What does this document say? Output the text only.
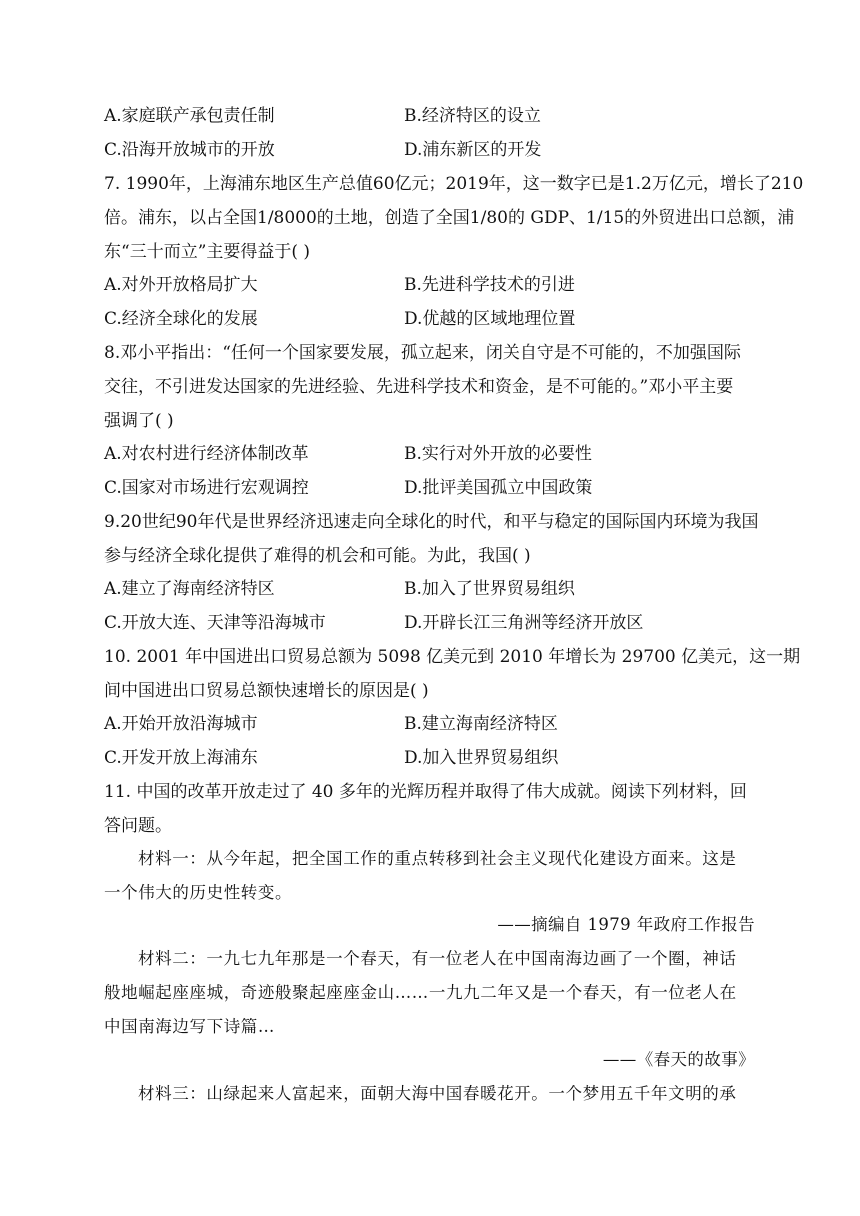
A.家庭联产承包责任制	B.经济特区的设立
C.沿海开放城市的开放	D.浦东新区的开发
7. 1990年，上海浦东地区生产总值60亿元；2019年，这一数字已是1.2万亿元，增长了210
倍。浦东，以占全国1/8000的土地，创造了全国1/80的 GDP、1/15的外贸进出口总额，浦
东“三十而立”主要得益于( )
A.对外开放格局扩大	B.先进科学技术的引进
C.经济全球化的发展	D.优越的区域地理位置
8.邓小平指出：“任何一个国家要发展，孤立起来，闭关自守是不可能的，不加强国际
交往，不引进发达国家的先进经验、先进科学技术和资金，是不可能的。”邓小平主要
强调了( )
A.对农村进行经济体制改革	B.实行对外开放的必要性
C.国家对市场进行宏观调控	D.批评美国孤立中国政策
9.20世纪90年代是世界经济迅速走向全球化的时代，和平与稳定的国际国内环境为我国
参与经济全球化提供了难得的机会和可能。为此，我国( )
A.建立了海南经济特区	B.加入了世界贸易组织
C.开放大连、天津等沿海城市	D.开辟长江三角洲等经济开放区
10. 2001 年中国进出口贸易总额为 5098 亿美元到 2010 年增长为 29700 亿美元，这一期
间中国进出口贸易总额快速增长的原因是( )
A.开始开放沿海城市	B.建立海南经济特区
C.开发开放上海浦东	D.加入世界贸易组织
11. 中国的改革开放走过了 40 多年的光辉历程并取得了伟大成就。阅读下列材料，回
答问题。
材料一：从今年起，把全国工作的重点转移到社会主义现代化建设方面来。这是
一个伟大的历史性转变。
——摘编自 1979 年政府工作报告
材料二：一九七九年那是一个春天，有一位老人在中国南海边画了一个圈，神话
般地崛起座座城，奇迹般聚起座座金山……一九九二年又是一个春天，有一位老人在
中国南海边写下诗篇…
——《春天的故事》
材料三：山绿起来人富起来，面朝大海中国春暖花开。一个梦用五千年文明的承
